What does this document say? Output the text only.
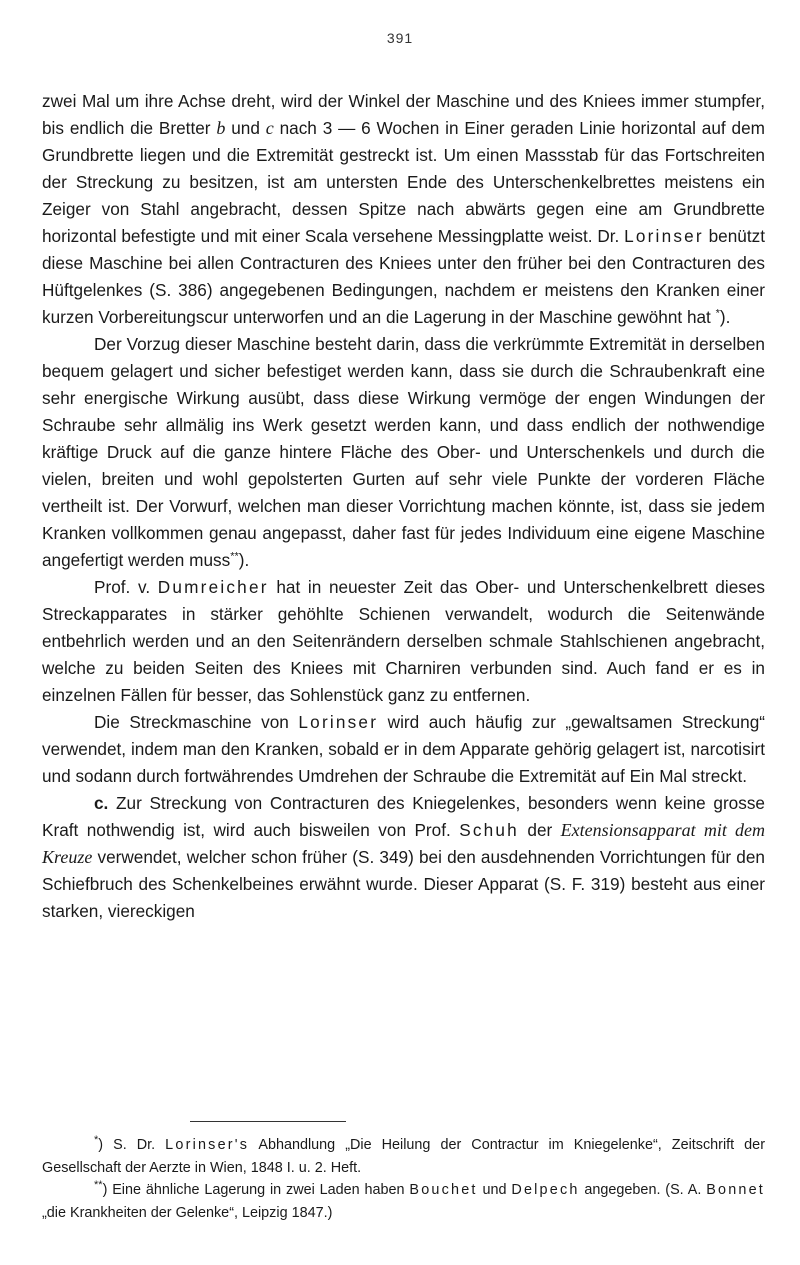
391

zwei Mal um ihre Achse dreht, wird der Winkel der Maschine und des Kniees immer stumpfer, bis endlich die Bretter b und c nach 3 — 6 Wochen in Einer geraden Linie horizontal auf dem Grundbrette liegen und die Extremität gestreckt ist. Um einen Massstab für das Fortschreiten der Streckung zu besitzen, ist am untersten Ende des Unterschenkelbrettes meistens ein Zeiger von Stahl angebracht, dessen Spitze nach abwärts gegen eine am Grundbrette horizontal befestigte und mit einer Scala versehene Messingplatte weist. Dr. Lorinser benützt diese Maschine bei allen Contracturen des Kniees unter den früher bei den Contracturen des Hüftgelenkes (S. 386) angegebenen Bedingungen, nachdem er meistens den Kranken einer kurzen Vorbereitungscur unterworfen und an die Lagerung in der Maschine gewöhnt hat *).

Der Vorzug dieser Maschine besteht darin, dass die verkrümmte Extremität in derselben bequem gelagert und sicher befestiget werden kann, dass sie durch die Schraubenkraft eine sehr energische Wirkung ausübt, dass diese Wirkung vermöge der engen Windungen der Schraube sehr allmälig ins Werk gesetzt werden kann, und dass endlich der nothwendige kräftige Druck auf die ganze hintere Fläche des Ober- und Unterschenkels und durch die vielen, breiten und wohl gepolsterten Gurten auf sehr viele Punkte der vorderen Fläche vertheilt ist. Der Vorwurf, welchen man dieser Vorrichtung machen könnte, ist, dass sie jedem Kranken vollkommen genau angepasst, daher fast für jedes Individuum eine eigene Maschine angefertigt werden muss**).

Prof. v. Dumreicher hat in neuester Zeit das Ober- und Unterschenkelbrett dieses Streckapparates in stärker gehöhlte Schienen verwandelt, wodurch die Seitenwände entbehrlich werden und an den Seitenrändern derselben schmale Stahlschienen angebracht, welche zu beiden Seiten des Kniees mit Charniren verbunden sind. Auch fand er es in einzelnen Fällen für besser, das Sohlenstück ganz zu entfernen.

Die Streckmaschine von Lorinser wird auch häufig zur „gewaltsamen Streckung“ verwendet, indem man den Kranken, sobald er in dem Apparate gehörig gelagert ist, narcotisirt und sodann durch fortwährendes Umdrehen der Schraube die Extremität auf Ein Mal streckt.

c. Zur Streckung von Contracturen des Kniegelenkes, besonders wenn keine grosse Kraft nothwendig ist, wird auch bisweilen von Prof. Schuh der Extensionsapparat mit dem Kreuze verwendet, welcher schon früher (S. 349) bei den ausdehnenden Vorrichtungen für den Schiefbruch des Schenkelbeines erwähnt wurde. Dieser Apparat (S. F. 319) besteht aus einer starken, viereckigen

*) S. Dr. Lorinser's Abhandlung „Die Heilung der Contractur im Kniegelenke“, Zeitschrift der Gesellschaft der Aerzte in Wien, 1848 I. u. 2. Heft.

**) Eine ähnliche Lagerung in zwei Laden haben Bouchet und Delpech angegeben. (S. A. Bonnet „die Krankheiten der Gelenke“, Leipzig 1847.)
